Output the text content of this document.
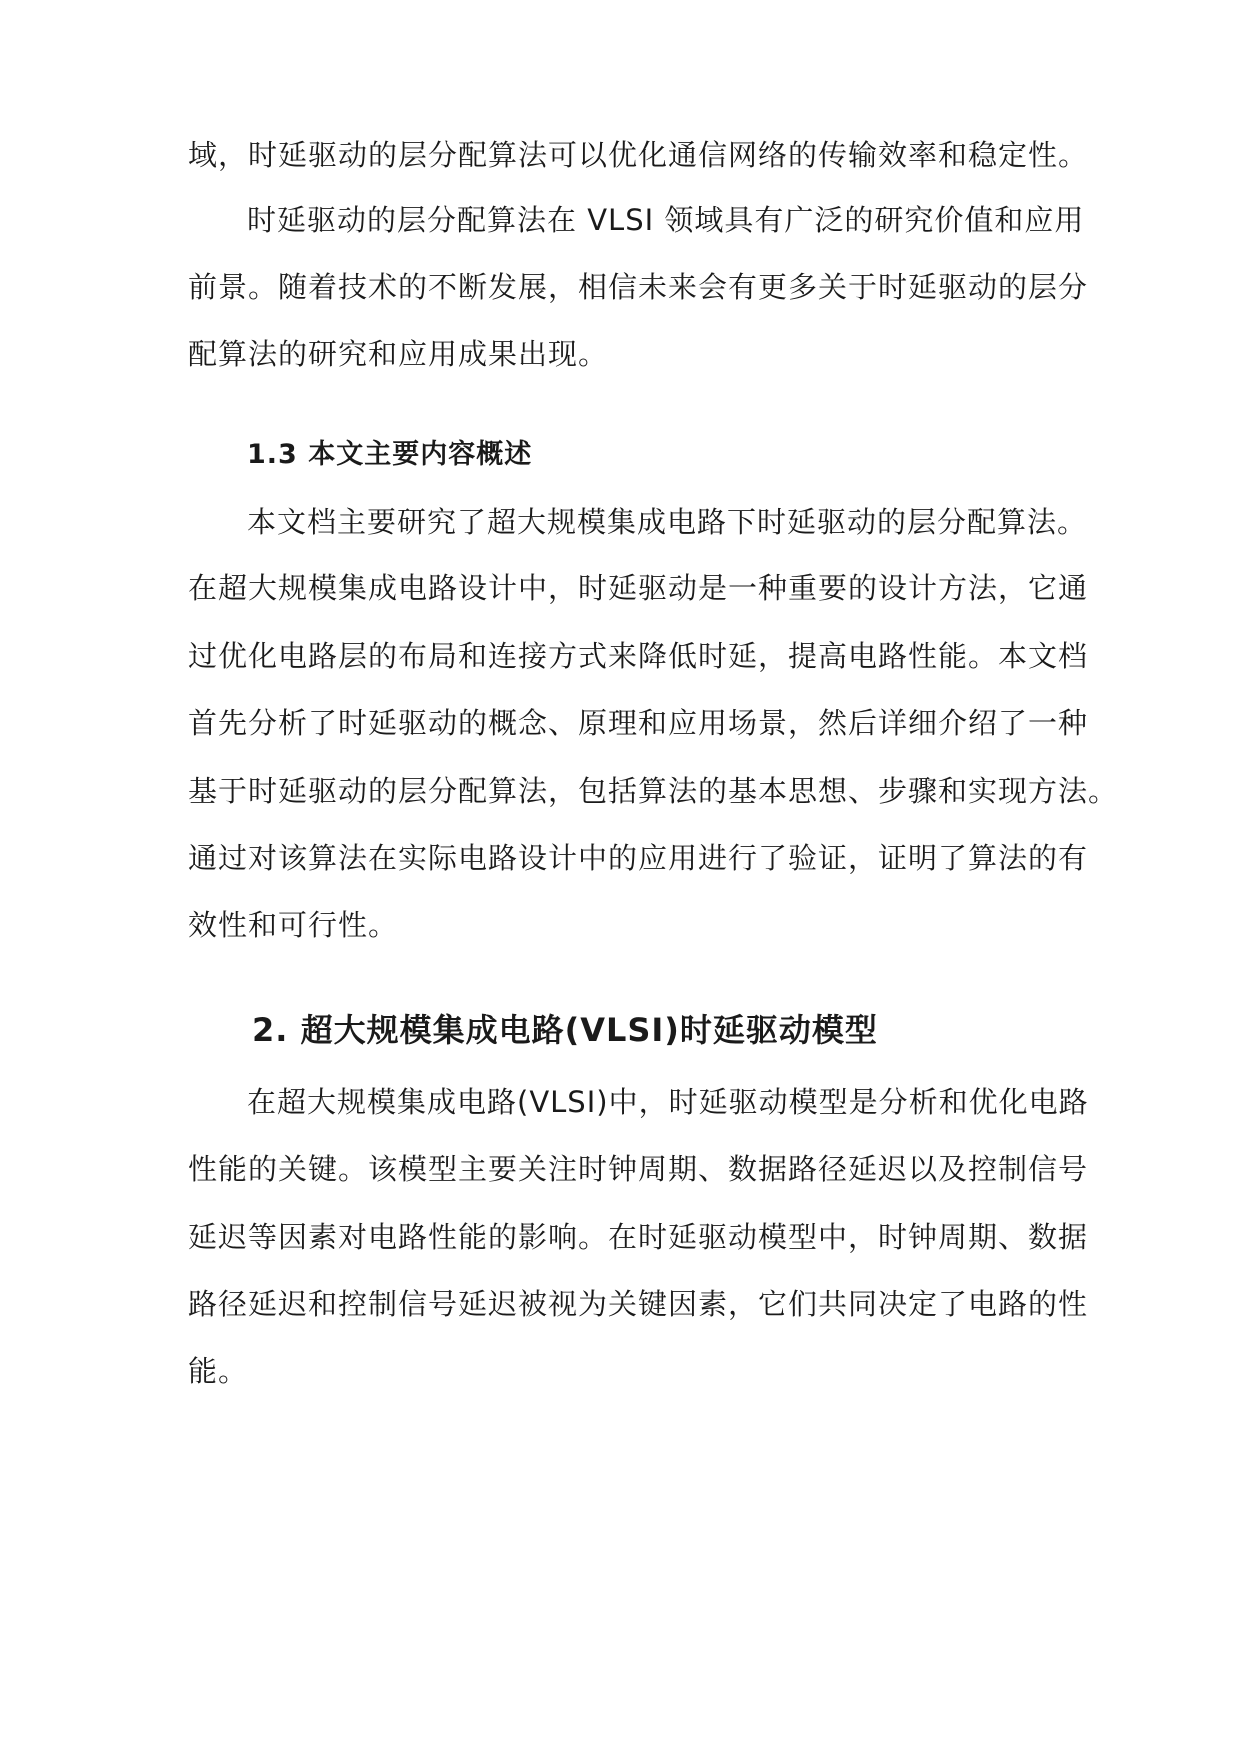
域，时延驱动的层分配算法可以优化通信网络的传输效率和稳定性。
时延驱动的层分配算法在 VLSI 领域具有广泛的研究价值和应用
前景。随着技术的不断发展，相信未来会有更多关于时延驱动的层分
配算法的研究和应用成果出现。
1.3 本文主要内容概述
本文档主要研究了超大规模集成电路下时延驱动的层分配算法。
在超大规模集成电路设计中，时延驱动是一种重要的设计方法，它通
过优化电路层的布局和连接方式来降低时延，提高电路性能。本文档
首先分析了时延驱动的概念、原理和应用场景，然后详细介绍了一种
基于时延驱动的层分配算法，包括算法的基本思想、步骤和实现方法。
通过对该算法在实际电路设计中的应用进行了验证，证明了算法的有
效性和可行性。
2. 超大规模集成电路(VLSI)时延驱动模型
在超大规模集成电路(VLSI)中，时延驱动模型是分析和优化电路
性能的关键。该模型主要关注时钟周期、数据路径延迟以及控制信号
延迟等因素对电路性能的影响。在时延驱动模型中，时钟周期、数据
路径延迟和控制信号延迟被视为关键因素，它们共同决定了电路的性
能。
